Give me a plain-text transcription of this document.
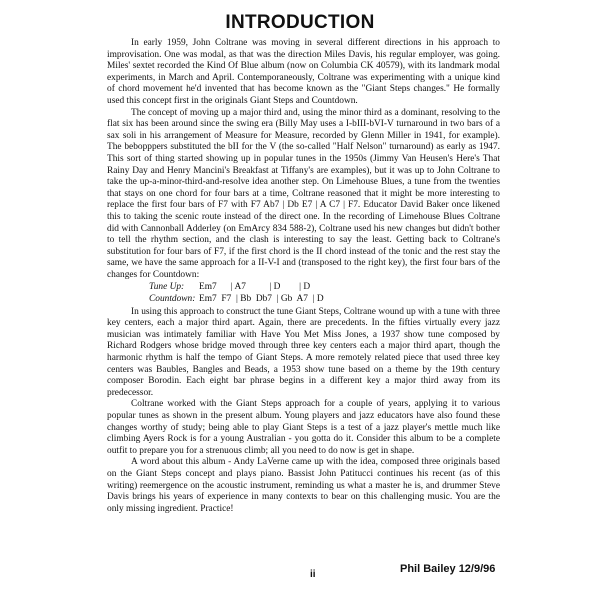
INTRODUCTION

In early 1959, John Coltrane was moving in several different directions in his approach to improvisation. One was modal, as that was the direction Miles Davis, his regular employer, was going. Miles' sextet recorded the Kind Of Blue album (now on Columbia CK 40579), with its landmark modal experiments, in March and April. Contemporaneously, Coltrane was experimenting with a unique kind of chord movement he'd invented that has become known as the "Giant Steps changes." He formally used this concept first in the originals Giant Steps and Countdown.

The concept of moving up a major third and, using the minor third as a dominant, resolving to the flat six has been around since the swing era (Billy May uses a I-bIII-bVI-V turnaround in two bars of a sax soli in his arrangement of Measure for Measure, recorded by Glenn Miller in 1941, for example). The bebopppers substituted the bII for the V (the so-called "Half Nelson" turnaround) as early as 1947. This sort of thing started showing up in popular tunes in the 1950s (Jimmy Van Heusen's Here's That Rainy Day and Henry Mancini's Breakfast at Tiffany's are examples), but it was up to John Coltrane to take the up-a-minor-third-and-resolve idea another step. On Limehouse Blues, a tune from the twenties that stays on one chord for four bars at a time, Coltrane reasoned that it might be more interesting to replace the first four bars of F7 with F7 Ab7 | Db E7 | A C7 | F7. Educator David Baker once likened this to taking the scenic route instead of the direct one. In the recording of Limehouse Blues Coltrane did with Cannonball Adderley (on EmArcy 834 588-2), Coltrane used his new changes but didn't bother to tell the rhythm section, and the clash is interesting to say the least. Getting back to Coltrane's substitution for four bars of F7, if the first chord is the II chord instead of the tonic and the rest stay the same, we have the same approach for a II-V-I and (transposed to the right key), the first four bars of the changes for Countdown:

Tune Up: Em7      | A7          | D        | D
Countdown: Em7  F7  | Bb  Db7  | Gb  A7  | D

In using this approach to construct the tune Giant Steps, Coltrane wound up with a tune with three key centers, each a major third apart. Again, there are precedents. In the fifties virtually every jazz musician was intimately familiar with Have You Met Miss Jones, a 1937 show tune composed by Richard Rodgers whose bridge moved through three key centers each a major third apart, though the harmonic rhythm is half the tempo of Giant Steps. A more remotely related piece that used three key centers was Baubles, Bangles and Beads, a 1953 show tune based on a theme by the 19th century composer Borodin. Each eight bar phrase begins in a different key a major third away from its predecessor.

Coltrane worked with the Giant Steps approach for a couple of years, applying it to various popular tunes as shown in the present album. Young players and jazz educators have also found these changes worthy of study; being able to play Giant Steps is a test of a jazz player's mettle much like climbing Ayers Rock is for a young Australian - you gotta do it. Consider this album to be a complete outfit to prepare you for a strenuous climb; all you need to do now is get in shape.

A word about this album - Andy LaVerne came up with the idea, composed three originals based on the Giant Steps concept and plays piano. Bassist John Patitucci continues his recent (as of this writing) reemergence on the acoustic instrument, reminding us what a master he is, and drummer Steve Davis brings his years of experience in many contexts to bear on this challenging music. You are the only missing ingredient. Practice!

ii	Phil Bailey 12/9/96
